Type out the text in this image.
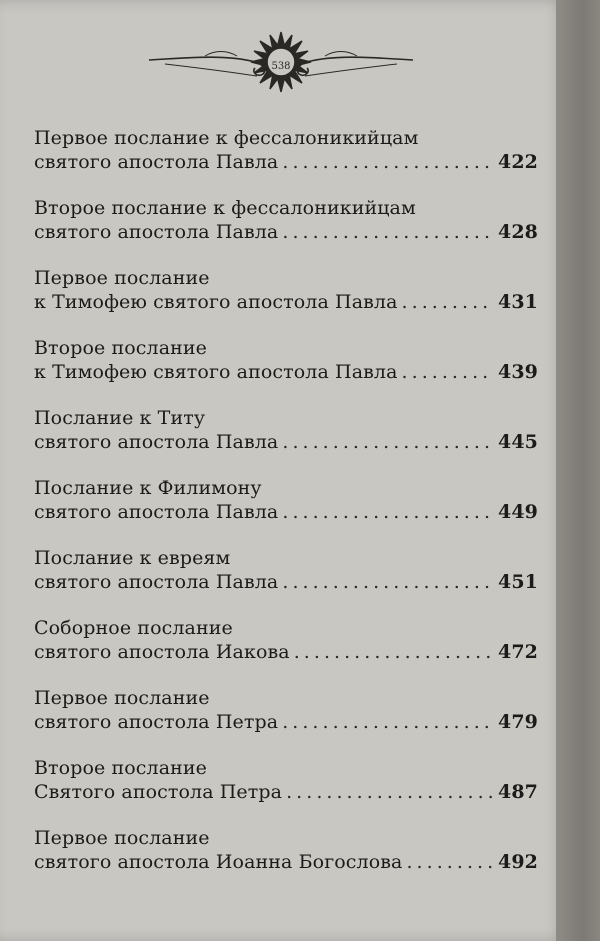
538
Первое послание к фессалоникийцам
святого апостола Павла . . .	422
Второе послание к фессалоникийцам
святого апостола Павла . . .	428
Первое послание
к Тимофею святого апостола Павла . . .	431
Второе послание
к Тимофею святого апостола Павла . . .	439
Послание к Титу
святого апостола Павла . . .	445
Послание к Филимону
святого апостола Павла . . .	449
Послание к евреям
святого апостола Павла . . .	451
Соборное послание
святого апостола Иакова . . .	472
Первое послание
святого апостола Петра . . .	479
Второе послание
Святого апостола Петра . . .	487
Первое послание
святого апостола Иоанна Богослова . . .	492
